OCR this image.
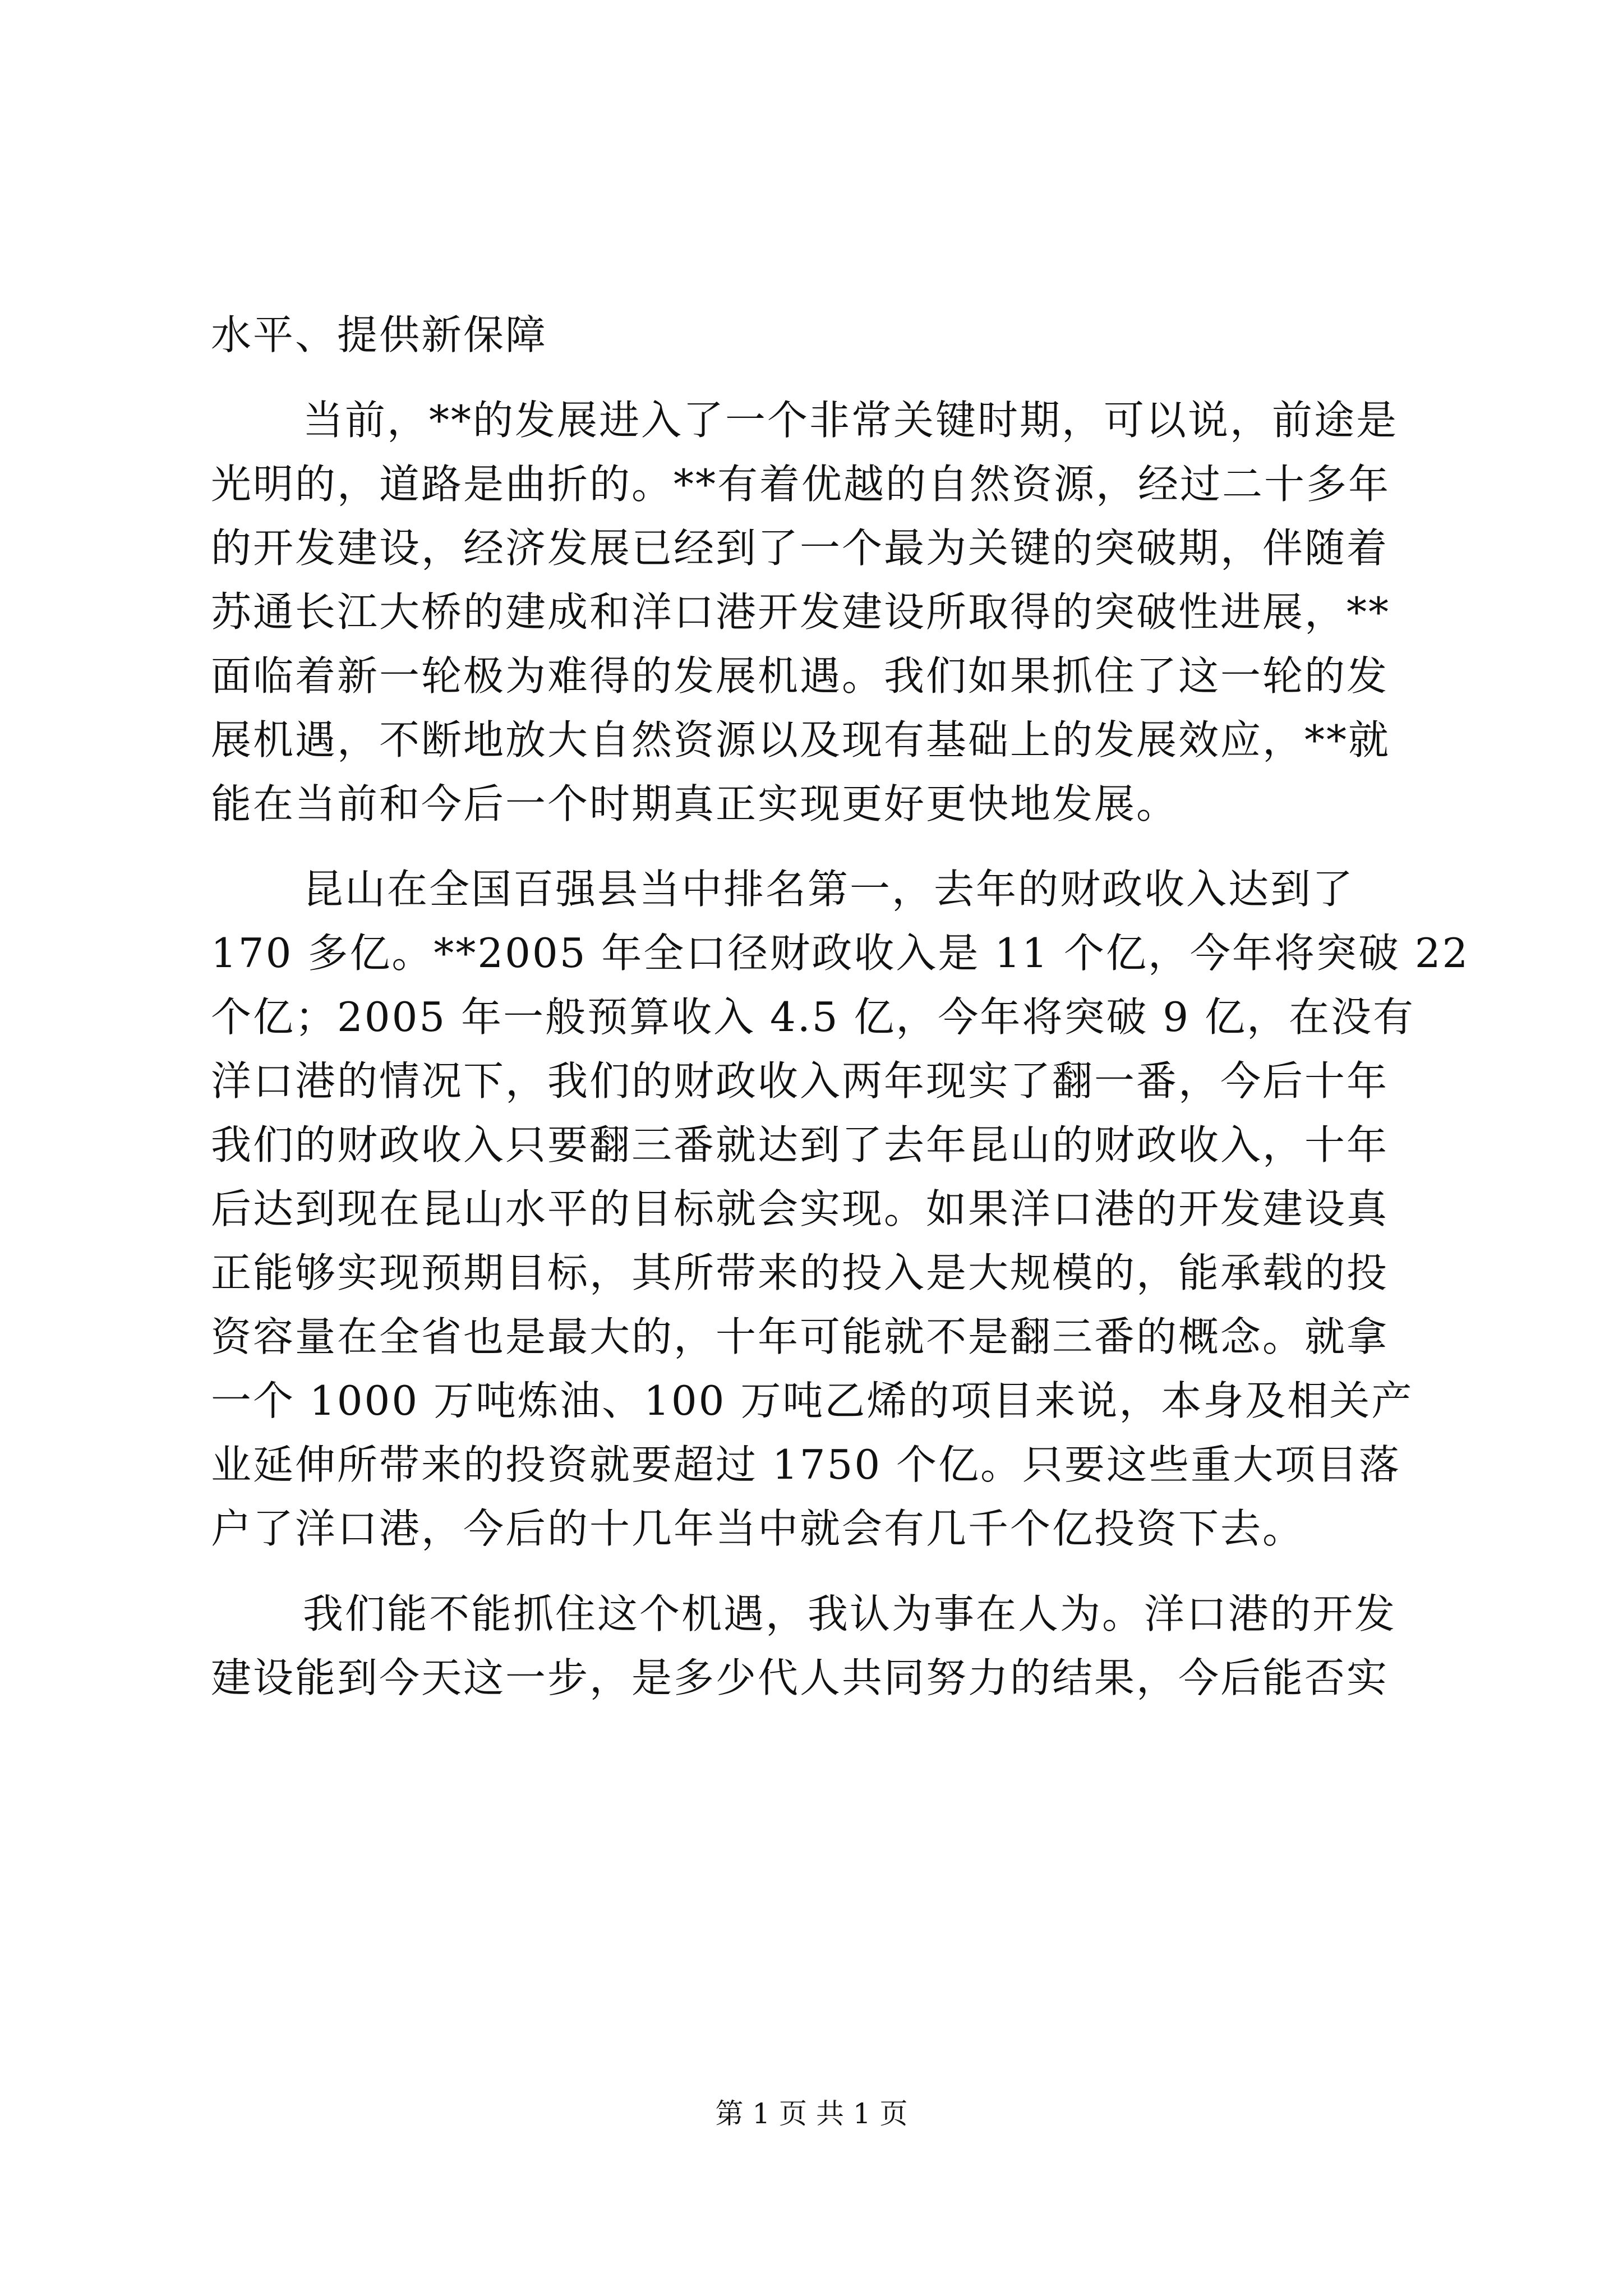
水平、提供新保障
当前，**的发展进入了一个非常关键时期，可以说，前途是
光明的，道路是曲折的。**有着优越的自然资源，经过二十多年
的开发建设，经济发展已经到了一个最为关键的突破期，伴随着
苏通长江大桥的建成和洋口港开发建设所取得的突破性进展，**
面临着新一轮极为难得的发展机遇。我们如果抓住了这一轮的发
展机遇，不断地放大自然资源以及现有基础上的发展效应，**就
能在当前和今后一个时期真正实现更好更快地发展。
昆山在全国百强县当中排名第一，去年的财政收入达到了
170 多亿。**2005 年全口径财政收入是 11 个亿，今年将突破 22
个亿；2005 年一般预算收入 4.5 亿，今年将突破 9 亿，在没有
洋口港的情况下，我们的财政收入两年现实了翻一番，今后十年
我们的财政收入只要翻三番就达到了去年昆山的财政收入，十年
后达到现在昆山水平的目标就会实现。如果洋口港的开发建设真
正能够实现预期目标，其所带来的投入是大规模的，能承载的投
资容量在全省也是最大的，十年可能就不是翻三番的概念。就拿
一个 1000 万吨炼油、100 万吨乙烯的项目来说，本身及相关产
业延伸所带来的投资就要超过 1750 个亿。只要这些重大项目落
户了洋口港，今后的十几年当中就会有几千个亿投资下去。
我们能不能抓住这个机遇，我认为事在人为。洋口港的开发
建设能到今天这一步，是多少代人共同努力的结果，今后能否实
第 1 页 共 1 页
